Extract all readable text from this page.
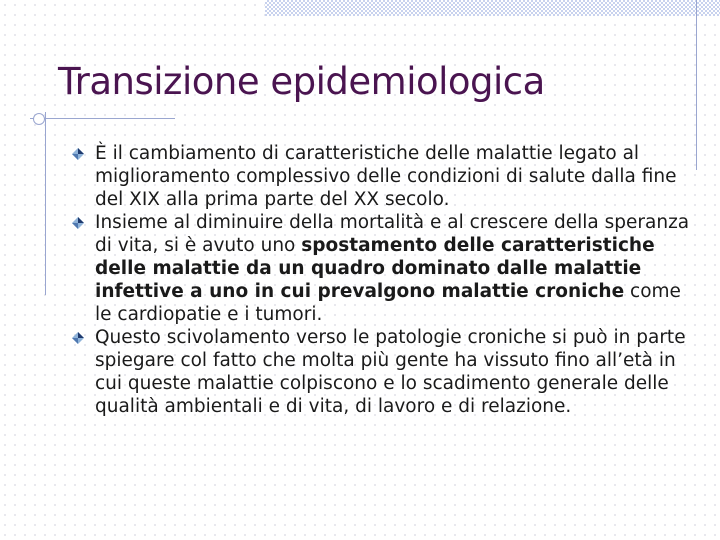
Transizione epidemiologica
È il cambiamento di caratteristiche delle malattie legato al miglioramento complessivo delle condizioni di salute dalla fine del XIX alla prima parte del XX secolo.
Insieme al diminuire della mortalità e al crescere della speranza di vita, si è avuto uno spostamento delle caratteristiche delle malattie da un quadro dominato dalle malattie infettive a uno in cui prevalgono malattie croniche come le cardiopatie e i tumori.
Questo scivolamento verso le patologie croniche si può in parte spiegare col fatto che molta più gente ha vissuto fino all’età in cui queste malattie colpiscono e lo scadimento generale delle qualità ambientali e di vita, di lavoro e di relazione.
